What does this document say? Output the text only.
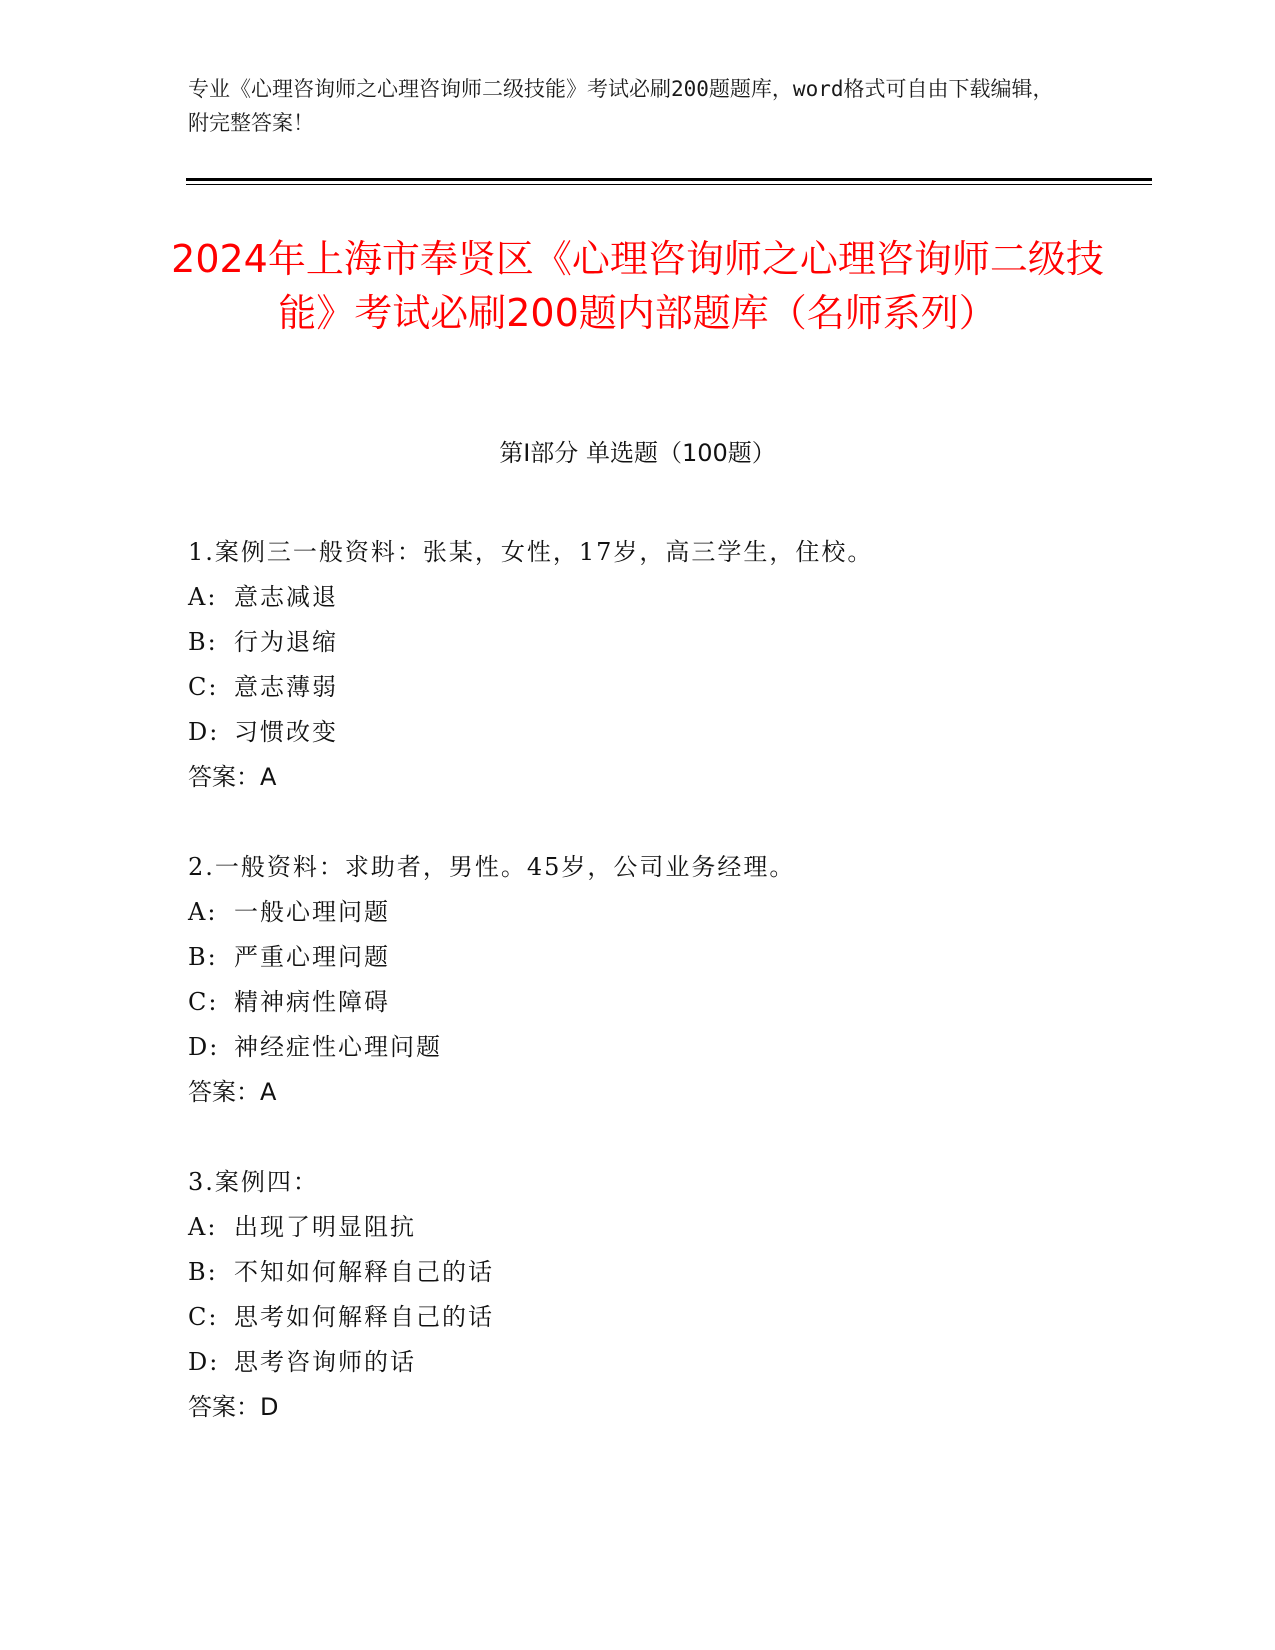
专业《心理咨询师之心理咨询师二级技能》考试必刷200题题库，word格式可自由下载编辑，附完整答案！
2024年上海市奉贤区《心理咨询师之心理咨询师二级技能》考试必刷200题内部题库（名师系列）
第Ⅰ部分 单选题（100题）
1.案例三一般资料：张某，女性，17岁，高三学生，住校。
A: 意志减退
B: 行为退缩
C: 意志薄弱
D: 习惯改变
答案：A
2.一般资料：求助者，男性。45岁，公司业务经理。
A: 一般心理问题
B: 严重心理问题
C: 精神病性障碍
D: 神经症性心理问题
答案：A
3.案例四：
A: 出现了明显阻抗
B: 不知如何解释自己的话
C: 思考如何解释自己的话
D: 思考咨询师的话
答案：D
